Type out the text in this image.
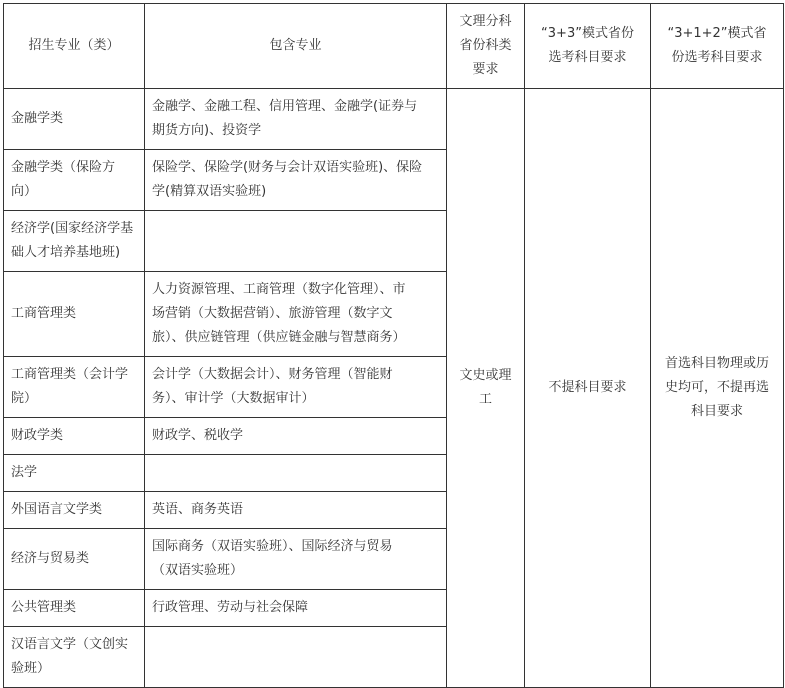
招生专业（类）	包含专业	文理分科
省份科类
要求	“3+3”模式省份
选考科目要求	“3+1+2”模式省
份选考科目要求

金融学类	金融学、金融工程、信用管理、金融学(证券与
期货方向)、投资学	文史或理
工	不提科目要求	首选科目物理或历
史均可，不提再选
科目要求

金融学类（保险方
向）	保险学、保险学(财务与会计双语实验班)、保险
学(精算双语实验班)			

经济学(国家经济学基
础人才培养基地班)				

工商管理类	人力资源管理、工商管理（数字化管理）、市
场营销（大数据营销）、旅游管理（数字文
旅）、供应链管理（供应链金融与智慧商务）			

工商管理类（会计学
院）	会计学（大数据会计）、财务管理（智能财
务）、审计学（大数据审计）			

财政学类	财政学、税收学			

法学				

外国语言文学类	英语、商务英语			

经济与贸易类	国际商务（双语实验班）、国际经济与贸易
（双语实验班）			

公共管理类	行政管理、劳动与社会保障			

汉语言文学（文创实
验班）				
